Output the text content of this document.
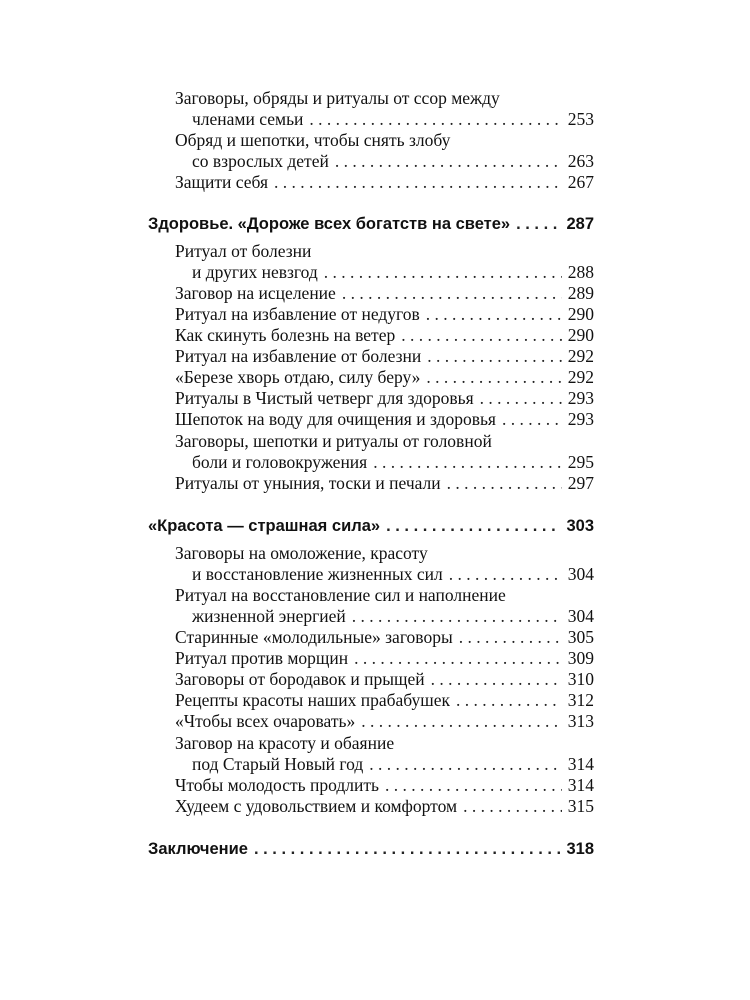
Заговоры, обряды и ритуалы от ссор между
членами семьи . . .	253
Обряд и шепотки, чтобы снять злобу
со взрослых детей . . .	263
Защити себя . . .	267
Здоровье. «Дороже всех богатств на свете» . . .	287
Ритуал от болезни
и других невзгод . . .	288
Заговор на исцеление . . .	289
Ритуал на избавление от недугов . . .	290
Как скинуть болезнь на ветер . . .	290
Ритуал на избавление от болезни . . .	292
«Березе хворь отдаю, силу беру» . . .	292
Ритуалы в Чистый четверг для здоровья . . .	293
Шепоток на воду для очищения и здоровья . . .	293
Заговоры, шепотки и ритуалы от головной
боли и головокружения . . .	295
Ритуалы от уныния, тоски и печали . . .	297
«Красота — страшная сила» . . .	303
Заговоры на омоложение, красоту
и восстановление жизненных сил . . .	304
Ритуал на восстановление сил и наполнение
жизненной энергией . . .	304
Старинные «молодильные» заговоры . . .	305
Ритуал против морщин . . .	309
Заговоры от бородавок и прыщей . . .	310
Рецепты красоты наших прабабушек . . .	312
«Чтобы всех очаровать» . . .	313
Заговор на красоту и обаяние
под Старый Новый год . . .	314
Чтобы молодость продлить . . .	314
Худеем с удовольствием и комфортом . . .	315
Заключение . . .	318
